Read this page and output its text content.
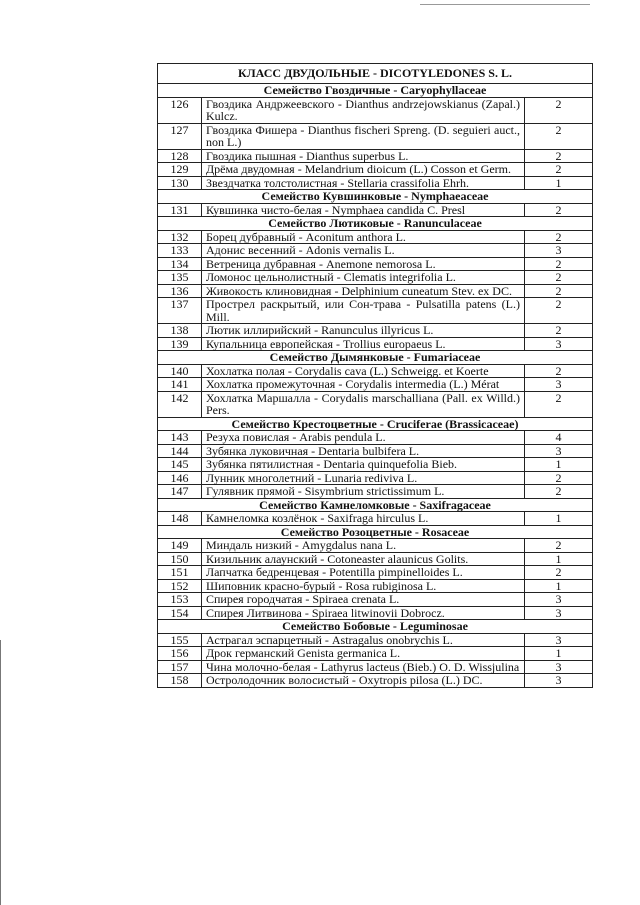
КЛАСС ДВУДОЛЬНЫЕ - DICOTYLEDONES S. L.		
Семейство Гвоздичные - Caryophyllaceae		
126	Гвоздика Андржеевского - Dianthus andrzejowskianus (Zapal.) Kulcz.	2
127	Гвоздика Фишера - Dianthus fischeri Spreng. (D. seguieri auct., non L.)	2
128	Гвоздика пышная - Dianthus superbus L.	2
129	Дрёма двудомная - Melandrium dioicum (L.) Cosson et Germ.	2
130	Звездчатка толстолистная - Stellaria crassifolia Ehrh.	1
Семейство Кувшинковые - Nymphaeaceae		
131	Кувшинка чисто-белая - Nymphaea candida C. Presl	2
Семейство Лютиковые - Ranunculaceae		
132	Борец дубравный - Aconitum anthora L.	2
133	Адонис весенний - Adonis vernalis L.	3
134	Ветреница дубравная - Anemone nemorosa L.	2
135	Ломонос цельнолистный - Clematis integrifolia L.	2
136	Живокость клиновидная - Delphinium cuneatum Stev. ex DC.	2
137	Прострел раскрытый, или Сон-трава - Pulsatilla patens (L.) Mill.	2
138	Лютик иллирийский - Ranunculus illyricus L.	2
139	Купальница европейская - Trollius europaeus L.	3
Семейство Дымянковые - Fumariaceae		
140	Хохлатка полая - Corydalis cava (L.) Schweigg. et Koerte	2
141	Хохлатка промежуточная - Corydalis intermedia (L.) Mérat	3
142	Хохлатка Маршалла - Corydalis marschalliana (Pall. ex Willd.) Pers.	2
Семейство Крестоцветные - Cruciferae (Brassicaceae)		
143	Резуха повислая - Arabis pendula L.	4
144	Зубянка луковичная - Dentaria bulbifera L.	3
145	Зубянка пятилистная - Dentaria quinquefolia Bieb.	1
146	Лунник многолетний - Lunaria rediviva L.	2
147	Гулявник прямой - Sisymbrium strictissimum L.	2
Семейство Камнеломковые - Saxifragaceae		
148	Камнеломка козлёнок - Saxifraga hirculus L.	1
Семейство Розоцветные - Rosaceae		
149	Миндаль низкий - Amygdalus nana L.	2
150	Кизильник алаунский - Cotoneaster alaunicus Golits.	1
151	Лапчатка бедренцевая - Potentilla pimpinelloides L.	2
152	Шиповник красно-бурый - Rosa rubiginosa L.	1
153	Спирея городчатая - Spiraea crenata L.	3
154	Спирея Литвинова - Spiraea litwinovii Dobrocz.	3
Семейство Бобовые - Leguminosae		
155	Астрагал эспарцетный - Astragalus onobrychis L.	3
156	Дрок германский Genista germanica L.	1
157	Чина молочно-белая - Lathyrus lacteus (Bieb.) O. D. Wissjulina	3
158	Остролодочник волосистый - Oxytropis pilosa (L.) DC.	3
